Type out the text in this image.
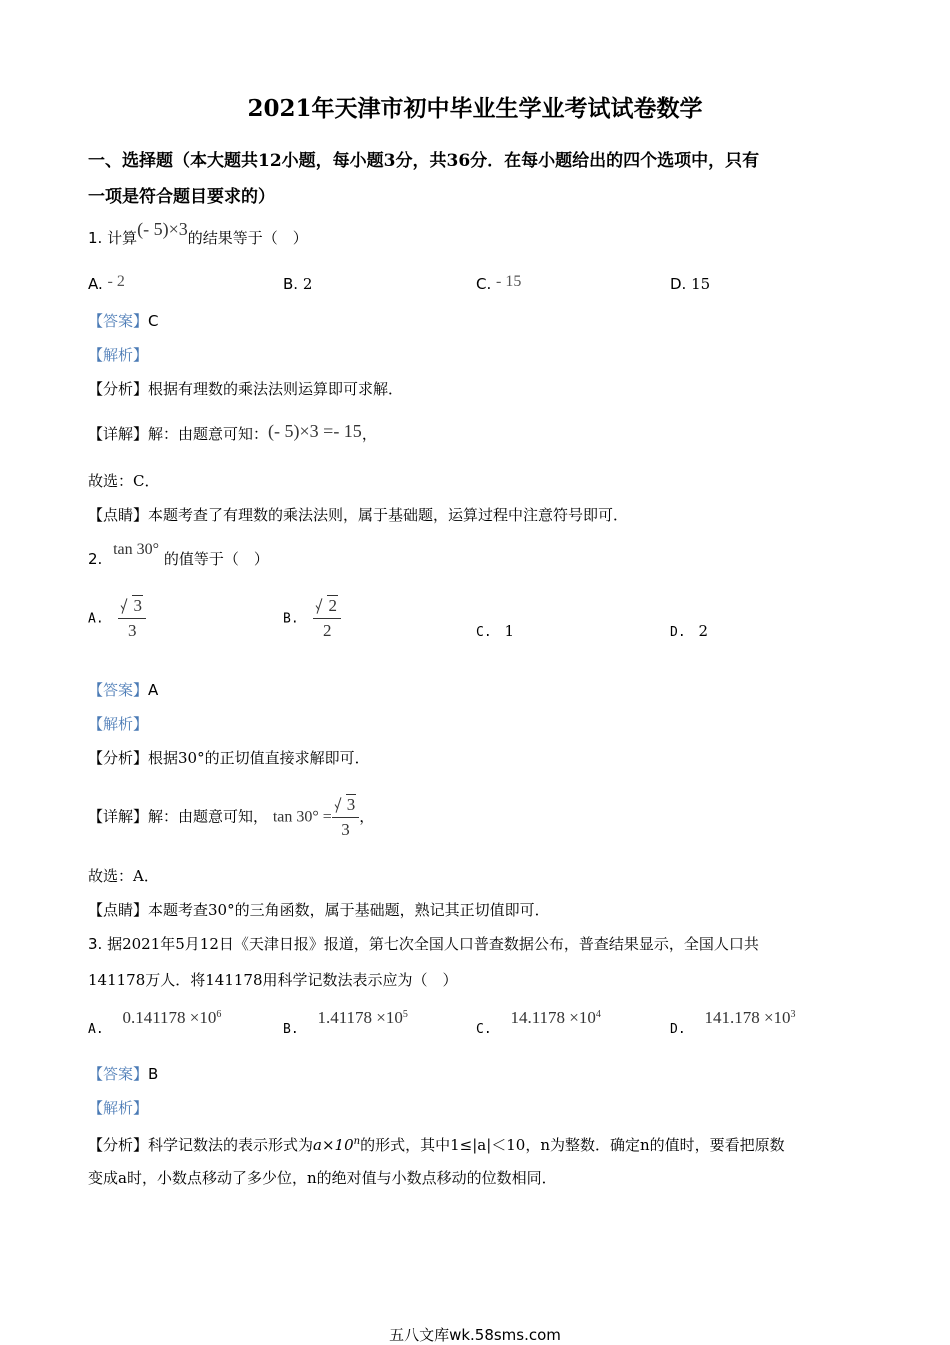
2021年天津市初中毕业生学业考试试卷数学
一、选择题（本大题共12小题，每小题3分，共36分．在每小题给出的四个选项中，只有
一项是符合题目要求的）
1. 计算(- 5)×3的结果等于（　）
A. - 2	B. 2	C. - 15	D. 15
【答案】C
【解析】
【分析】根据有理数的乘法法则运算即可求解．
【详解】解：由题意可知：(- 5)×3 =- 15，
故选：C．
【点睛】本题考查了有理数的乘法法则，属于基础题，运算过程中注意符号即可．
2. tan 30° 的值等于（　）
A. $\frac{3}{3}$	B. $\frac{2}{2}$	C. 1	D. 2
【答案】A
【解析】
【分析】根据30°的正切值直接求解即可．
【详解】解：由题意可知， $\tan 30^\circ = \frac{3}{3}$ ，
故选：A．
【点睛】本题考查30°的三角函数，属于基础题，熟记其正切值即可．
3. 据2021年5月12日《天津日报》报道，第七次全国人口普查数据公布，普查结果显示，全国人口共
141178万人．将141178用科学记数法表示应为（　）
A. $0.141178 \times 10^6$
B. $1.41178 \times 10^5$
C. $14.1178 \times 10^4$
D. $141.178 \times 10^3$
【答案】B
【解析】
【分析】科学记数法的表示形式为$a\times 10^n$的形式，其中1≤|a|＜10，n为整数．确定n的值时，要看把原数
变成a时，小数点移动了多少位，n的绝对值与小数点移动的位数相同．
五八文库wk.58sms.com
